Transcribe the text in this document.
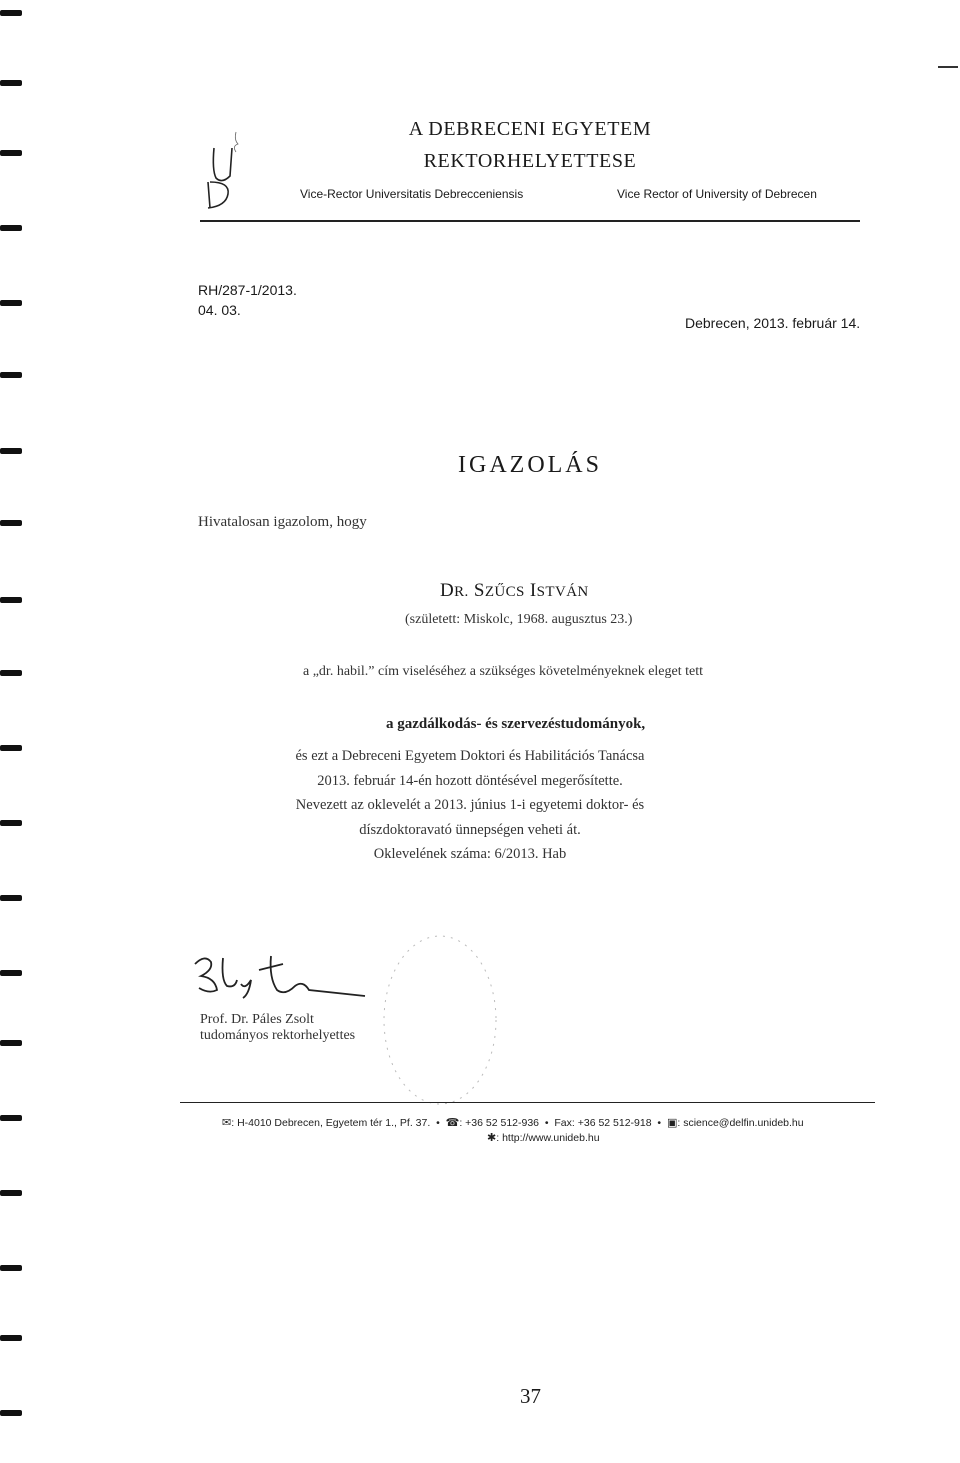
A DEBRECENI EGYETEM
REKTORHELYETTESE
Vice-Rector Universitatis Debrecceniensis	Vice Rector of University of Debrecen
RH/287-1/2013.
04. 03.
Debrecen, 2013. február 14.
IGAZOLÁS
Hivatalosan igazolom, hogy
DR. SZŰCS ISTVÁN
(született: Miskolc, 1968. augusztus 23.)
a „dr. habil.” cím viseléséhez a szükséges követelményeknek eleget tett
a gazdálkodás- és szervezéstudományok,
és ezt a Debreceni Egyetem Doktori és Habilitációs Tanácsa
2013. február 14-én hozott döntésével megerősítette.
Nevezett az oklevelét a 2013. június 1-i egyetemi doktor- és
díszdoktoravató ünnepségen veheti át.
Oklevelének száma: 6/2013. Hab
Prof. Dr. Páles Zsolt
tudományos rektorhelyettes
✉: H-4010 Debrecen, Egyetem tér 1., Pf. 37.  •  ☎: +36 52 512-936  •  Fax: +36 52 512-918  •  ▣: science@delfin.unideb.hu
✱: http://www.unideb.hu
37
